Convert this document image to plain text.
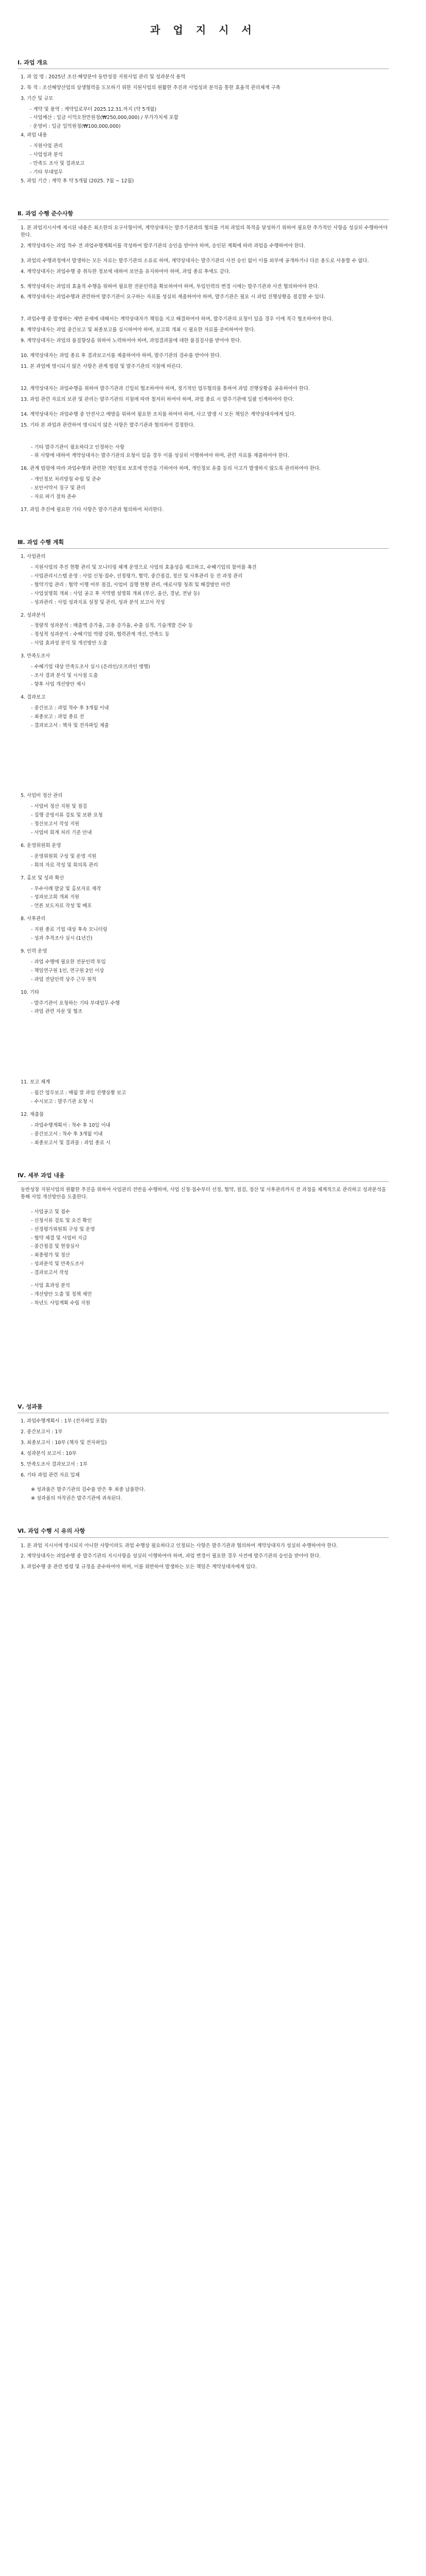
과 업 지 시 서
Ⅰ. 과업 개요
1. 과 업 명 : 2025년 조선·해양분야 동반성장 지원사업 관리 및 성과분석 용역
2. 목 적 : 조선해양산업의 상생협력을 도모하기 위한 지원사업의 원활한 추진과 사업성과 분석을 통한 효율적 관리체계 구축
3. 기간 및 규모
- 계약 및 용역 : 계약일로부터 2025.12.31.까지 (약 5개월)
- 사업예산 : 일금 이억오천만원정(₩250,000,000) / 부가가치세 포함
· 운영비 : 일금 일억원정(₩100,000,000)
4. 과업 내용
- 지원사업 관리
- 사업성과 분석
- 만족도 조사 및 결과보고
- 기타 부대업무
5. 과업 기간 : 계약 후 약 5개월 (2025. 7월 ~ 12월)
Ⅱ. 과업 수행 준수사항
1. 본 과업지시서에 제시된 내용은 최소한의 요구사항이며, 계약상대자는 발주기관과의 협의를 거쳐 과업의 목적을 달성하기 위하여 필요한 추가적인 사항을 성실히 수행하여야 한다.
2. 계약상대자는 과업 착수 전 과업수행계획서를 작성하여 발주기관의 승인을 받아야 하며, 승인된 계획에 따라 과업을 수행하여야 한다.
3. 과업의 수행과정에서 발생하는 모든 자료는 발주기관의 소유로 하며, 계약상대자는 발주기관의 사전 승인 없이 이를 외부에 공개하거나 다른 용도로 사용할 수 없다.
4. 계약상대자는 과업수행 중 취득한 정보에 대하여 보안을 유지하여야 하며, 과업 종료 후에도 같다.
5. 계약상대자는 과업의 효율적 수행을 위하여 필요한 전문인력을 확보하여야 하며, 투입인력의 변경 시에는 발주기관과 사전 협의하여야 한다.
6. 계약상대자는 과업수행과 관련하여 발주기관이 요구하는 자료를 성실히 제출하여야 하며, 발주기관은 필요 시 과업 진행상황을 점검할 수 있다.
7. 과업수행 중 발생하는 제반 문제에 대해서는 계약상대자가 책임을 지고 해결하여야 하며, 발주기관의 요청이 있을 경우 이에 적극 협조하여야 한다.
8. 계약상대자는 과업 중간보고 및 최종보고를 실시하여야 하며, 보고회 개최 시 필요한 자료를 준비하여야 한다.
9. 계약상대자는 과업의 품질향상을 위하여 노력하여야 하며, 과업결과물에 대한 품질검사를 받아야 한다.
10. 계약상대자는 과업 종료 후 결과보고서를 제출하여야 하며, 발주기관의 검수를 받아야 한다.
11. 본 과업에 명시되지 않은 사항은 관계 법령 및 발주기관의 지침에 따른다.
12. 계약상대자는 과업수행을 위하여 발주기관과 긴밀히 협조하여야 하며, 정기적인 업무협의를 통하여 과업 진행상황을 공유하여야 한다.
13. 과업 관련 자료의 보관 및 관리는 발주기관의 지침에 따라 철저히 하여야 하며, 과업 종료 시 발주기관에 일괄 인계하여야 한다.
14. 계약상대자는 과업수행 중 안전사고 예방을 위하여 필요한 조치를 하여야 하며, 사고 발생 시 모든 책임은 계약상대자에게 있다.
15. 기타 본 과업과 관련하여 명시되지 않은 사항은 발주기관과 협의하여 결정한다.
- 기타 발주기관이 필요하다고 인정하는 사항
- 위 사항에 대하여 계약상대자는 발주기관의 요청이 있을 경우 이를 성실히 이행하여야 하며, 관련 자료를 제출하여야 한다.
16. 관계 법령에 따라 과업수행과 관련한 개인정보 보호에 만전을 기하여야 하며, 개인정보 유출 등의 사고가 발생하지 않도록 관리하여야 한다.
- 개인정보 처리방침 수립 및 준수
- 보안서약서 징구 및 관리
- 자료 파기 절차 준수
17. 과업 추진에 필요한 기타 사항은 발주기관과 협의하여 처리한다.
Ⅲ. 과업 수행 계획
1. 사업관리
- 지원사업의 추진 현황 관리 및 모니터링 체계 운영으로 사업의 효율성을 제고하고, 수혜기업의 참여를 촉진
- 사업관리시스템 운영 : 사업 신청·접수, 선정평가, 협약, 중간점검, 정산 및 사후관리 등 전 과정 관리
- 협약기업 관리 : 협약 이행 여부 점검, 사업비 집행 현황 관리, 애로사항 청취 및 해결방안 마련
- 사업설명회 개최 : 사업 공고 후 지역별 설명회 개최 (부산, 울산, 경남, 전남 등)
- 성과관리 : 사업 성과지표 설정 및 관리, 성과 분석 보고서 작성
2. 성과분석
- 정량적 성과분석 : 매출액 증가율, 고용 증가율, 수출 실적, 기술개발 건수 등
- 정성적 성과분석 : 수혜기업 역량 강화, 협력관계 개선, 만족도 등
- 사업 효과성 분석 및 개선방안 도출
3. 만족도조사
- 수혜기업 대상 만족도조사 실시 (온라인/오프라인 병행)
- 조사 결과 분석 및 시사점 도출
- 향후 사업 개선방안 제시
4. 결과보고
- 중간보고 : 과업 착수 후 3개월 이내
- 최종보고 : 과업 종료 전
- 결과보고서 : 책자 및 전자파일 제출
5. 사업비 정산 관리
- 사업비 정산 지원 및 점검
- 집행 증빙서류 검토 및 보완 요청
- 정산보고서 작성 지원
- 사업비 회계 처리 기준 안내
6. 운영위원회 운영
- 운영위원회 구성 및 운영 지원
- 회의 자료 작성 및 회의록 관리
7. 홍보 및 성과 확산
- 우수사례 발굴 및 홍보자료 제작
- 성과보고회 개최 지원
- 언론 보도자료 작성 및 배포
8. 사후관리
- 지원 종료 기업 대상 후속 모니터링
- 성과 추적조사 실시 (1년간)
9. 인력 운영
- 과업 수행에 필요한 전문인력 투입
- 책임연구원 1인, 연구원 2인 이상
- 과업 전담인력 상주 근무 원칙
10. 기타
- 발주기관이 요청하는 기타 부대업무 수행
- 과업 관련 자문 및 협조
11. 보고 체계
- 월간 업무보고 : 매월 말 과업 진행상황 보고
- 수시보고 : 발주기관 요청 시
12. 제출물
- 과업수행계획서 : 착수 후 10일 이내
- 중간보고서 : 착수 후 3개월 이내
- 최종보고서 및 결과물 : 과업 종료 시
Ⅳ. 세부 과업 내용
동반성장 지원사업의 원활한 추진을 위하여 사업관리 전반을 수행하며, 사업 신청·접수부터 선정, 협약, 점검, 정산 및 사후관리까지 전 과정을 체계적으로 관리하고 성과분석을 통해 사업 개선방안을 도출한다.
- 사업공고 및 접수
- 신청서류 검토 및 요건 확인
- 선정평가위원회 구성 및 운영
- 협약 체결 및 사업비 지급
- 중간점검 및 현장실사
- 최종평가 및 정산
- 성과분석 및 만족도조사
- 결과보고서 작성
- 사업 효과성 분석
- 개선방안 도출 및 정책 제언
- 차년도 사업계획 수립 지원
Ⅴ. 성과품
1. 과업수행계획서 : 1부 (전자파일 포함)
2. 중간보고서 : 1부
3. 최종보고서 : 10부 (책자 및 전자파일)
4. 성과분석 보고서 : 10부
5. 만족도조사 결과보고서 : 1부
6. 기타 과업 관련 자료 일체
※ 성과품은 발주기관의 검수를 받은 후 최종 납품한다.
※ 성과품의 저작권은 발주기관에 귀속된다.
Ⅵ. 과업 수행 시 유의 사항
1. 본 과업 지시서에 명시되지 아니한 사항이라도 과업 수행상 필요하다고 인정되는 사항은 발주기관과 협의하여 계약상대자가 성실히 수행하여야 한다.
2. 계약상대자는 과업수행 중 발주기관의 지시사항을 성실히 이행하여야 하며, 과업 변경이 필요한 경우 사전에 발주기관의 승인을 받아야 한다.
3. 과업수행 중 관련 법령 및 규정을 준수하여야 하며, 이를 위반하여 발생하는 모든 책임은 계약상대자에게 있다.
